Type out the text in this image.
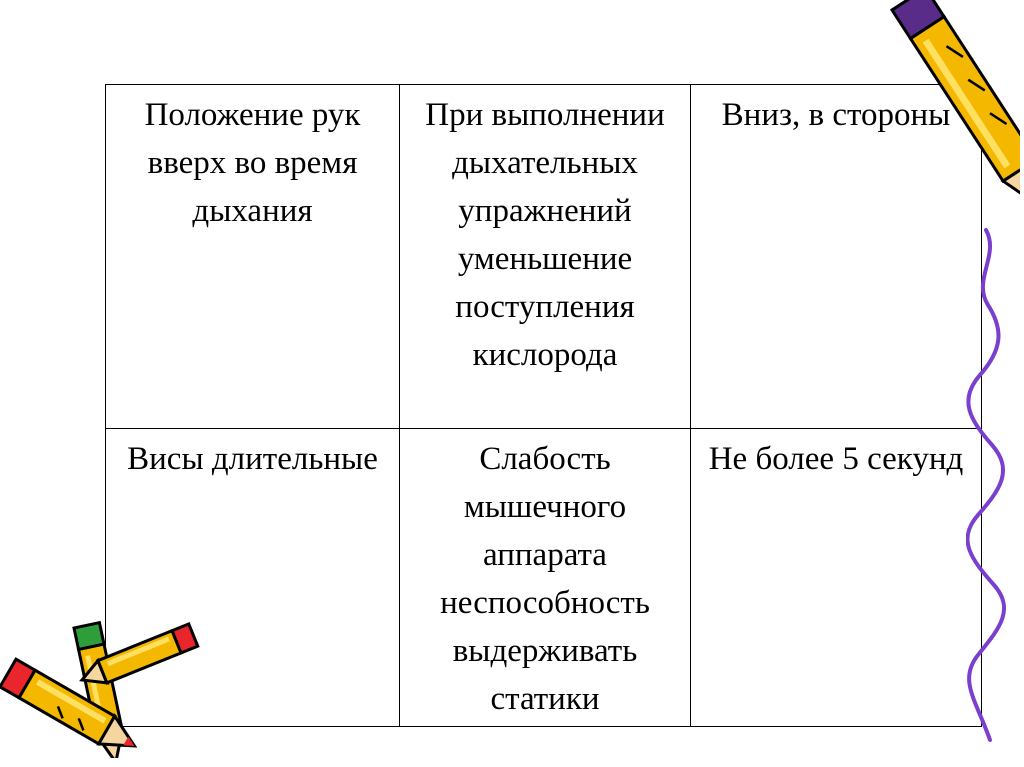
Положение рук вверх во время дыхания	При выполнении дыхательных упражнений уменьшение поступления кислорода	Вниз, в стороны
Висы длительные	Слабость мышечного аппарата неспособность выдерживать статики	Не более 5 секунд
